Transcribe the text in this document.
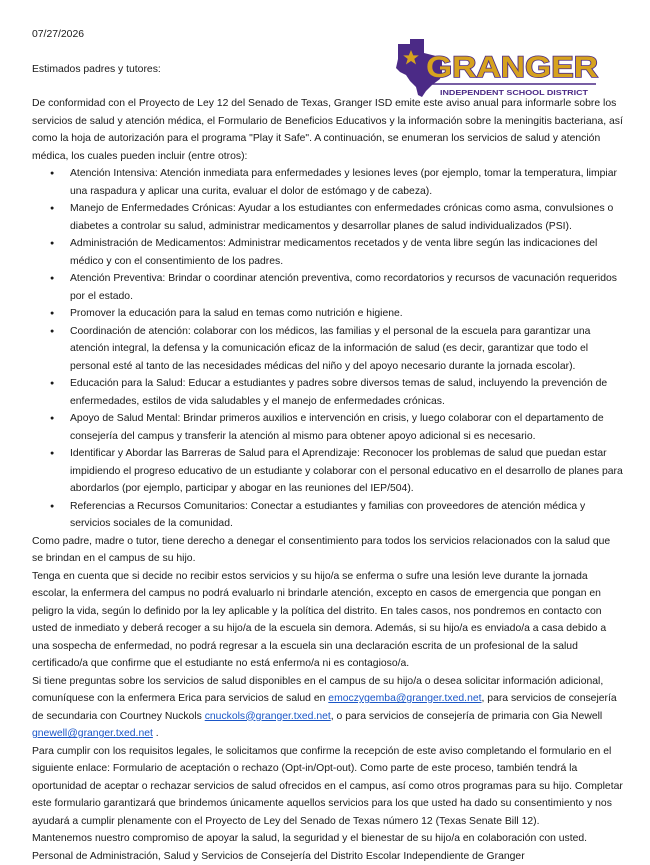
07/27/2026
Estimados padres y tutores:	GRANGER
INDEPENDENT SCHOOL DISTRICT

De conformidad con el Proyecto de Ley 12 del Senado de Texas, Granger ISD emite este aviso anual para informarle sobre los servicios de salud y atención médica, el Formulario de Beneficios Educativos y la información sobre la meningitis bacteriana, así como la hoja de autorización para el programa "Play it Safe". A continuación, se enumeran los servicios de salud y atención médica, los cuales pueden incluir (entre otros):

● Atención Intensiva: Atención inmediata para enfermedades y lesiones leves (por ejemplo, tomar la temperatura, limpiar una raspadura y aplicar una curita, evaluar el dolor de estómago y de cabeza).
● Manejo de Enfermedades Crónicas: Ayudar a los estudiantes con enfermedades crónicas como asma, convulsiones o diabetes a controlar su salud, administrar medicamentos y desarrollar planes de salud individualizados (PSI).
● Administración de Medicamentos: Administrar medicamentos recetados y de venta libre según las indicaciones del médico y con el consentimiento de los padres.
● Atención Preventiva: Brindar o coordinar atención preventiva, como recordatorios y recursos de vacunación requeridos por el estado.
● Promover la educación para la salud en temas como nutrición e higiene.
● Coordinación de atención: colaborar con los médicos, las familias y el personal de la escuela para garantizar una atención integral, la defensa y la comunicación eficaz de la información de salud (es decir, garantizar que todo el personal esté al tanto de las necesidades médicas del niño y del apoyo necesario durante la jornada escolar).
● Educación para la Salud: Educar a estudiantes y padres sobre diversos temas de salud, incluyendo la prevención de enfermedades, estilos de vida saludables y el manejo de enfermedades crónicas.
● Apoyo de Salud Mental: Brindar primeros auxilios e intervención en crisis, y luego colaborar con el departamento de consejería del campus y transferir la atención al mismo para obtener apoyo adicional si es necesario.
● Identificar y Abordar las Barreras de Salud para el Aprendizaje: Reconocer los problemas de salud que puedan estar impidiendo el progreso educativo de un estudiante y colaborar con el personal educativo en el desarrollo de planes para abordarlos (por ejemplo, participar y abogar en las reuniones del IEP/504).
● Referencias a Recursos Comunitarios: Conectar a estudiantes y familias con proveedores de atención médica y servicios sociales de la comunidad.

Como padre, madre o tutor, tiene derecho a denegar el consentimiento para todos los servicios relacionados con la salud que se brindan en el campus de su hijo.

Tenga en cuenta que si decide no recibir estos servicios y su hijo/a se enferma o sufre una lesión leve durante la jornada escolar, la enfermera del campus no podrá evaluarlo ni brindarle atención, excepto en casos de emergencia que pongan en peligro la vida, según lo definido por la ley aplicable y la política del distrito. En tales casos, nos pondremos en contacto con usted de inmediato y deberá recoger a su hijo/a de la escuela sin demora. Además, si su hijo/a es enviado/a a casa debido a una sospecha de enfermedad, no podrá regresar a la escuela sin una declaración escrita de un profesional de la salud certificado/a que confirme que el estudiante no está enfermo/a ni es contagioso/a.

Si tiene preguntas sobre los servicios de salud disponibles en el campus de su hijo/a o desea solicitar información adicional, comuníquese con la enfermera Erica para servicios de salud en emoczygemba@granger.txed.net, para servicios de consejería de secundaria con Courtney Nuckols cnuckols@granger.txed.net, o para servicios de consejería de primaria con Gia Newell gnewell@granger.txed.net .

Para cumplir con los requisitos legales, le solicitamos que confirme la recepción de este aviso completando el formulario en el siguiente enlace: Formulario de aceptación o rechazo (Opt-in/Opt-out). Como parte de este proceso, también tendrá la oportunidad de aceptar o rechazar servicios de salud ofrecidos en el campus, así como otros programas para su hijo. Completar este formulario garantizará que brindemos únicamente aquellos servicios para los que usted ha dado su consentimiento y nos ayudará a cumplir plenamente con el Proyecto de Ley del Senado de Texas número 12 (Texas Senate Bill 12).

Mantenemos nuestro compromiso de apoyar la salud, la seguridad y el bienestar de su hijo/a en colaboración con usted.

Personal de Administración, Salud y Servicios de Consejería del Distrito Escolar Independiente de Granger
